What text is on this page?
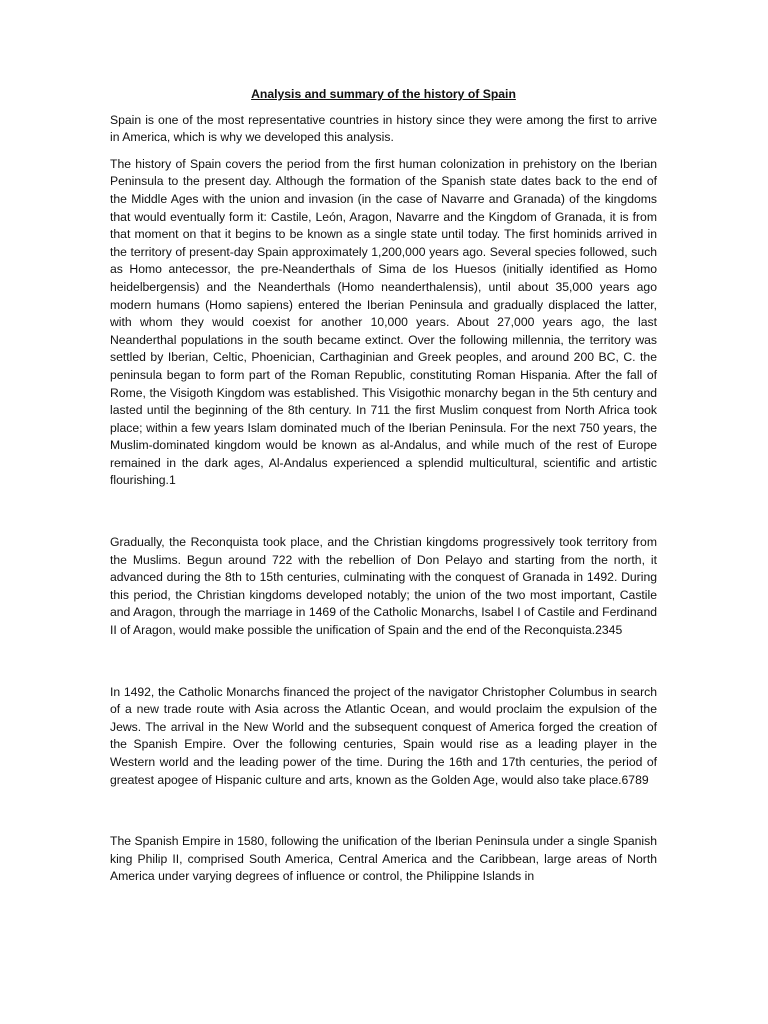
Analysis and summary of the history of Spain

Spain is one of the most representative countries in history since they were among the first to arrive in America, which is why we developed this analysis.

The history of Spain covers the period from the first human colonization in prehistory on the Iberian Peninsula to the present day. Although the formation of the Spanish state dates back to the end of the Middle Ages with the union and invasion (in the case of Navarre and Granada) of the kingdoms that would eventually form it: Castile, León, Aragon, Navarre and the Kingdom of Granada, it is from that moment on that it begins to be known as a single state until today. The first hominids arrived in the territory of present-day Spain approximately 1,200,000 years ago. Several species followed, such as Homo antecessor, the pre-Neanderthals of Sima de los Huesos (initially identified as Homo heidelbergensis) and the Neanderthals (Homo neanderthalensis), until about 35,000 years ago modern humans (Homo sapiens) entered the Iberian Peninsula and gradually displaced the latter, with whom they would coexist for another 10,000 years. About 27,000 years ago, the last Neanderthal populations in the south became extinct. Over the following millennia, the territory was settled by Iberian, Celtic, Phoenician, Carthaginian and Greek peoples, and around 200 BC, C. the peninsula began to form part of the Roman Republic, constituting Roman Hispania. After the fall of Rome, the Visigoth Kingdom was established. This Visigothic monarchy began in the 5th century and lasted until the beginning of the 8th century. In 711 the first Muslim conquest from North Africa took place; within a few years Islam dominated much of the Iberian Peninsula. For the next 750 years, the Muslim-dominated kingdom would be known as al-Andalus, and while much of the rest of Europe remained in the dark ages, Al-Andalus experienced a splendid multicultural, scientific and artistic flourishing.1

Gradually, the Reconquista took place, and the Christian kingdoms progressively took territory from the Muslims. Begun around 722 with the rebellion of Don Pelayo and starting from the north, it advanced during the 8th to 15th centuries, culminating with the conquest of Granada in 1492. During this period, the Christian kingdoms developed notably; the union of the two most important, Castile and Aragon, through the marriage in 1469 of the Catholic Monarchs, Isabel I of Castile and Ferdinand II of Aragon, would make possible the unification of Spain and the end of the Reconquista.2345

In 1492, the Catholic Monarchs financed the project of the navigator Christopher Columbus in search of a new trade route with Asia across the Atlantic Ocean, and would proclaim the expulsion of the Jews. The arrival in the New World and the subsequent conquest of America forged the creation of the Spanish Empire. Over the following centuries, Spain would rise as a leading player in the Western world and the leading power of the time. During the 16th and 17th centuries, the period of greatest apogee of Hispanic culture and arts, known as the Golden Age, would also take place.6789

The Spanish Empire in 1580, following the unification of the Iberian Peninsula under a single Spanish king Philip II, comprised South America, Central America and the Caribbean, large areas of North America under varying degrees of influence or control, the Philippine Islands in
